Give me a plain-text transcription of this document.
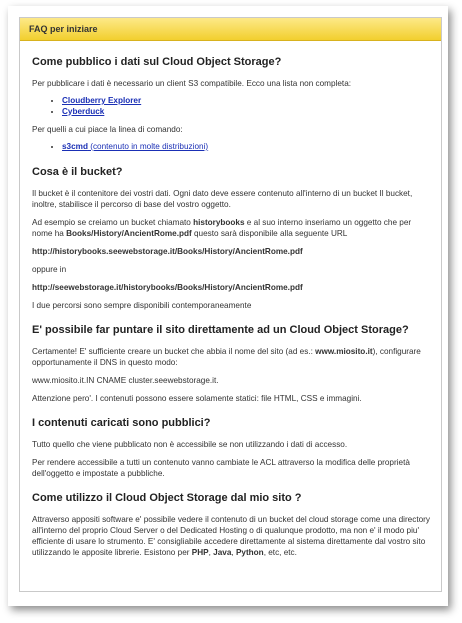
FAQ per iniziare
Come pubblico i dati sul Cloud Object Storage?

Per pubblicare i dati è necessario un client S3 compatibile. Ecco una lista non completa:

• Cloudberry Explorer
• Cyberduck

Per quelli a cui piace la linea di comando:

• s3cmd (contenuto in molte distribuzioni)
Cosa è il bucket?

Il bucket è il contenitore dei vostri dati. Ogni dato deve essere contenuto all'interno di un bucket Il bucket, inoltre, stabilisce il percorso di base del vostro oggetto.

Ad esempio se creiamo un bucket chiamato historybooks e al suo interno inseriamo un oggetto che per nome ha Books/History/AncientRome.pdf questo sarà disponibile alla seguente URL

http://historybooks.seewebstorage.it/Books/History/AncientRome.pdf

oppure in

http://seewebstorage.it/historybooks/Books/History/AncientRome.pdf

I due percorsi sono sempre disponibili contemporaneamente

E' possibile far puntare il sito direttamente ad un Cloud Object Storage?

Certamente! E' sufficiente creare un bucket che abbia il nome del sito (ad es.: www.miosito.it), configurare opportunamente il DNS in questo modo:

www.miosito.it.IN CNAME cluster.seewebstorage.it.

Attenzione pero'. I contenuti possono essere solamente statici: file HTML, CSS e immagini.

I contenuti caricati sono pubblici?

Tutto quello che viene pubblicato non è accessibile se non utilizzando i dati di accesso.

Per rendere accessibile a tutti un contenuto vanno cambiate le ACL attraverso la modifica delle proprietà dell'oggetto e impostate a pubbliche.

Come utilizzo il Cloud Object Storage dal mio sito ?

Attraverso appositi software e' possibile vedere il contenuto di un bucket del cloud storage come una directory all'interno del proprio Cloud Server o del Dedicated Hosting o di qualunque prodotto, ma non e' il modo piu' efficiente di usare lo strumento. E' consigliabile accedere direttamente al sistema direttamente dal vostro sito utilizzando le apposite librerie. Esistono per PHP, Java, Python, etc, etc.
